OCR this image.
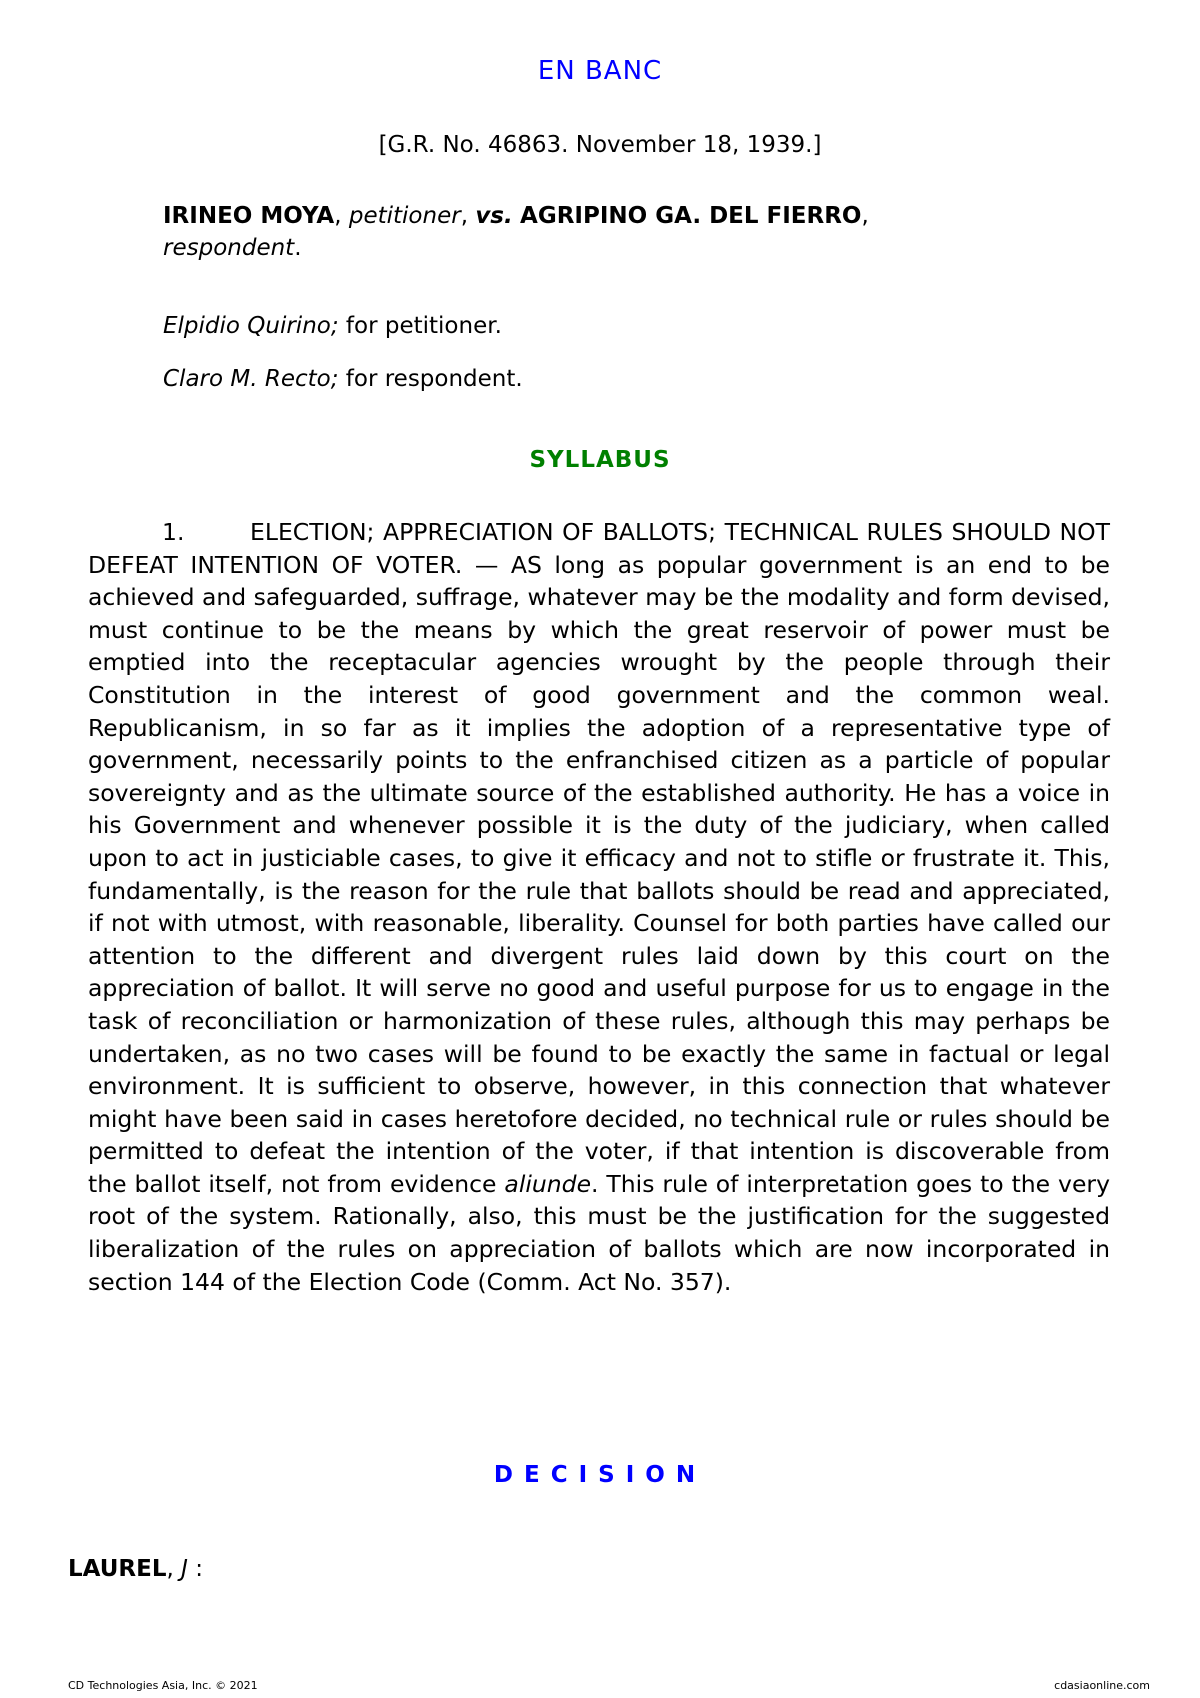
EN BANC
[G.R. No. 46863. November 18, 1939.]
IRINEO MOYA, petitioner, vs. AGRIPINO GA. DEL FIERRO,
respondent.
Elpidio Quirino; for petitioner.
Claro M. Recto; for respondent.
SYLLABUS
1.	ELECTION; APPRECIATION OF BALLOTS; TECHNICAL RULES SHOULD NOT DEFEAT INTENTION OF VOTER. — AS long as popular government is an end to be achieved and safeguarded, suffrage, whatever may be the modality and form devised, must continue to be the means by which the great reservoir of power must be emptied into the receptacular agencies wrought by the people through their Constitution in the interest of good government and the common weal. Republicanism, in so far as it implies the adoption of a representative type of government, necessarily points to the enfranchised citizen as a particle of popular sovereignty and as the ultimate source of the established authority. He has a voice in his Government and whenever possible it is the duty of the judiciary, when called upon to act in justiciable cases, to give it efficacy and not to stifle or frustrate it. This, fundamentally, is the reason for the rule that ballots should be read and appreciated, if not with utmost, with reasonable, liberality. Counsel for both parties have called our attention to the different and divergent rules laid down by this court on the appreciation of ballot. It will serve no good and useful purpose for us to engage in the task of reconciliation or harmonization of these rules, although this may perhaps be undertaken, as no two cases will be found to be exactly the same in factual or legal environment. It is sufficient to observe, however, in this connection that whatever might have been said in cases heretofore decided, no technical rule or rules should be permitted to defeat the intention of the voter, if that intention is discoverable from the ballot itself, not from evidence aliunde. This rule of interpretation goes to the very root of the system. Rationally, also, this must be the justification for the suggested liberalization of the rules on appreciation of ballots which are now incorporated in section 144 of the Election Code (Comm. Act No. 357).
DECISION
LAUREL, J :
CD Technologies Asia, Inc. © 2021	cdasiaonline.com
